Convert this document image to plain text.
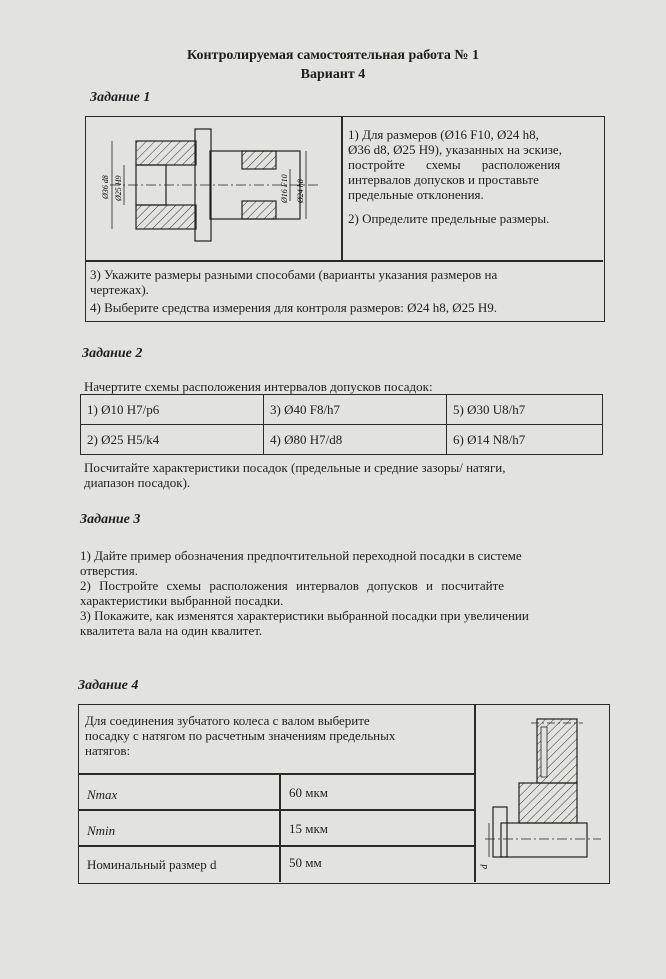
Контролируемая самостоятельная работа № 1
Вариант 4
Задание 1
Ø36 d8 Ø25 H9	Ø16 F10 Ø24 h8
1) Для размеров (Ø16 F10, Ø24 h8,
Ø36 d8, Ø25 H9), указанных на эскизе,
постройте схемы расположения
интервалов допусков и проставьте
предельные отклонения.
2) Определите предельные размеры.
3) Укажите размеры разными способами (варианты указания размеров на
чертежах).
4) Выберите средства измерения для контроля размеров: Ø24 h8, Ø25 H9.
Задание 2
Начертите схемы расположения интервалов допусков посадок:
1) Ø10 H7/p6	3) Ø40 F8/h7	5) Ø30 U8/h7
2) Ø25 H5/k4	4) Ø80 H7/d8	6) Ø14 N8/h7
Посчитайте характеристики посадок (предельные и средние зазоры/ натяги,
диапазон посадок).
Задание 3
1) Дайте пример обозначения предпочтительной переходной посадки в системе
отверстия.
2) Постройте схемы расположения интервалов допусков и посчитайте
характеристики выбранной посадки.
3) Покажите, как изменятся характеристики выбранной посадки при увеличении
квалитета вала на один квалитет.
Задание 4
Для соединения зубчатого колеса с валом выберите
посадку с натягом по расчетным значениям предельных
натягов:
Nmax	60 мкм
Nmin	15 мкм
Номинальный размер d	50 мм	d
